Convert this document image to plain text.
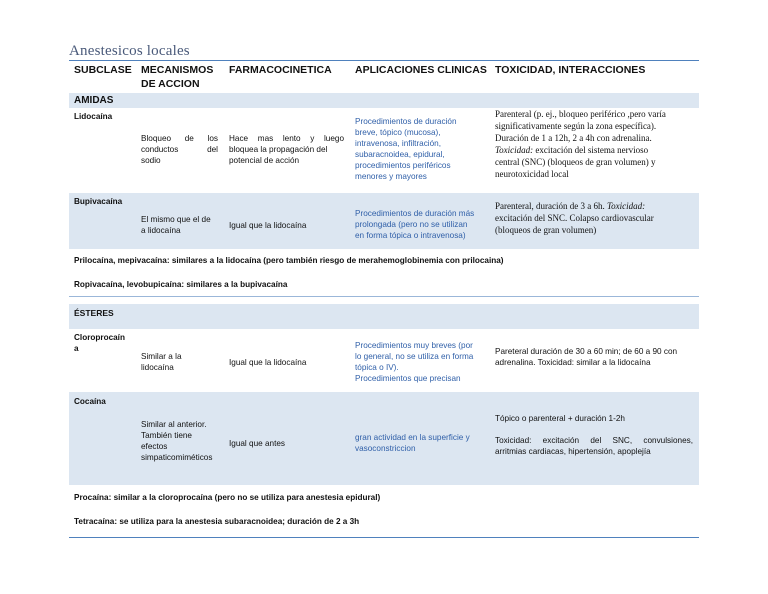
Anestesicos locales
SUBCLASE MECANISMOS
DE ACCION
FARMACOCINETICA APLICACIONES CLINICAS TOXICIDAD, INTERACCIONES
AMIDAS
Lidocaína
Bloqueo de los
conductos del
sodio
Hace mas lento y luego
bloquea la propagación del
potencial de acción
Procedimientos de duración
breve, tópico (mucosa),
intravenosa, infiltración,
subaracnoidea, epidural,
procedimientos periféricos
menores y mayores
Parenteral (p. ej., bloqueo periférico ,pero varía
significativamente según la zona específica).
Duración de 1 a 12h, 2 a 4h con adrenalina.
Toxicidad: excitación del sistema nervioso
central (SNC) (bloqueos de gran volumen) y
neurotoxicidad local
Bupivacaína
El mismo que el de
a lidocaína
Igual que la lidocaína
Procedimientos de duración más
prolongada (pero no se utilizan
en forma tópica o intravenosa)
Parenteral, duración de 3 a 6h. Toxicidad:
excitación del SNC. Colapso cardiovascular
(bloqueos de gran volumen)
Prilocaína, mepivacaína: similares a la lidocaína (pero también riesgo de merahemoglobinemia con prilocaina)
Ropivacaína, levobupicaína: similares a la bupivacaína
ÉSTERES
Cloroprocaín
a
Similar a la
lidocaína
Igual que la lidocaína
Procedimientos muy breves (por
lo general, no se utiliza en forma
tópica o IV).
Procedimientos que precisan
Pareteral duración de 30 a 60 min; de 60 a 90 con
adrenalina. Toxicidad: similar a la lidocaína
Cocaína
Similar al anterior.
También tiene
efectos
simpaticomiméticos
Igual que antes
gran actividad en la superficie y
vasoconstriccion
Tópico o parenteral + duración 1-2h
Toxicidad: excitación del SNC, convulsiones,
arritmias cardiacas, hipertensión, apoplejía
Procaína: similar a la cloroprocaína (pero no se utiliza para anestesia epidural)
Tetracaína: se utiliza para la anestesia subaracnoidea; duración de 2 a 3h
